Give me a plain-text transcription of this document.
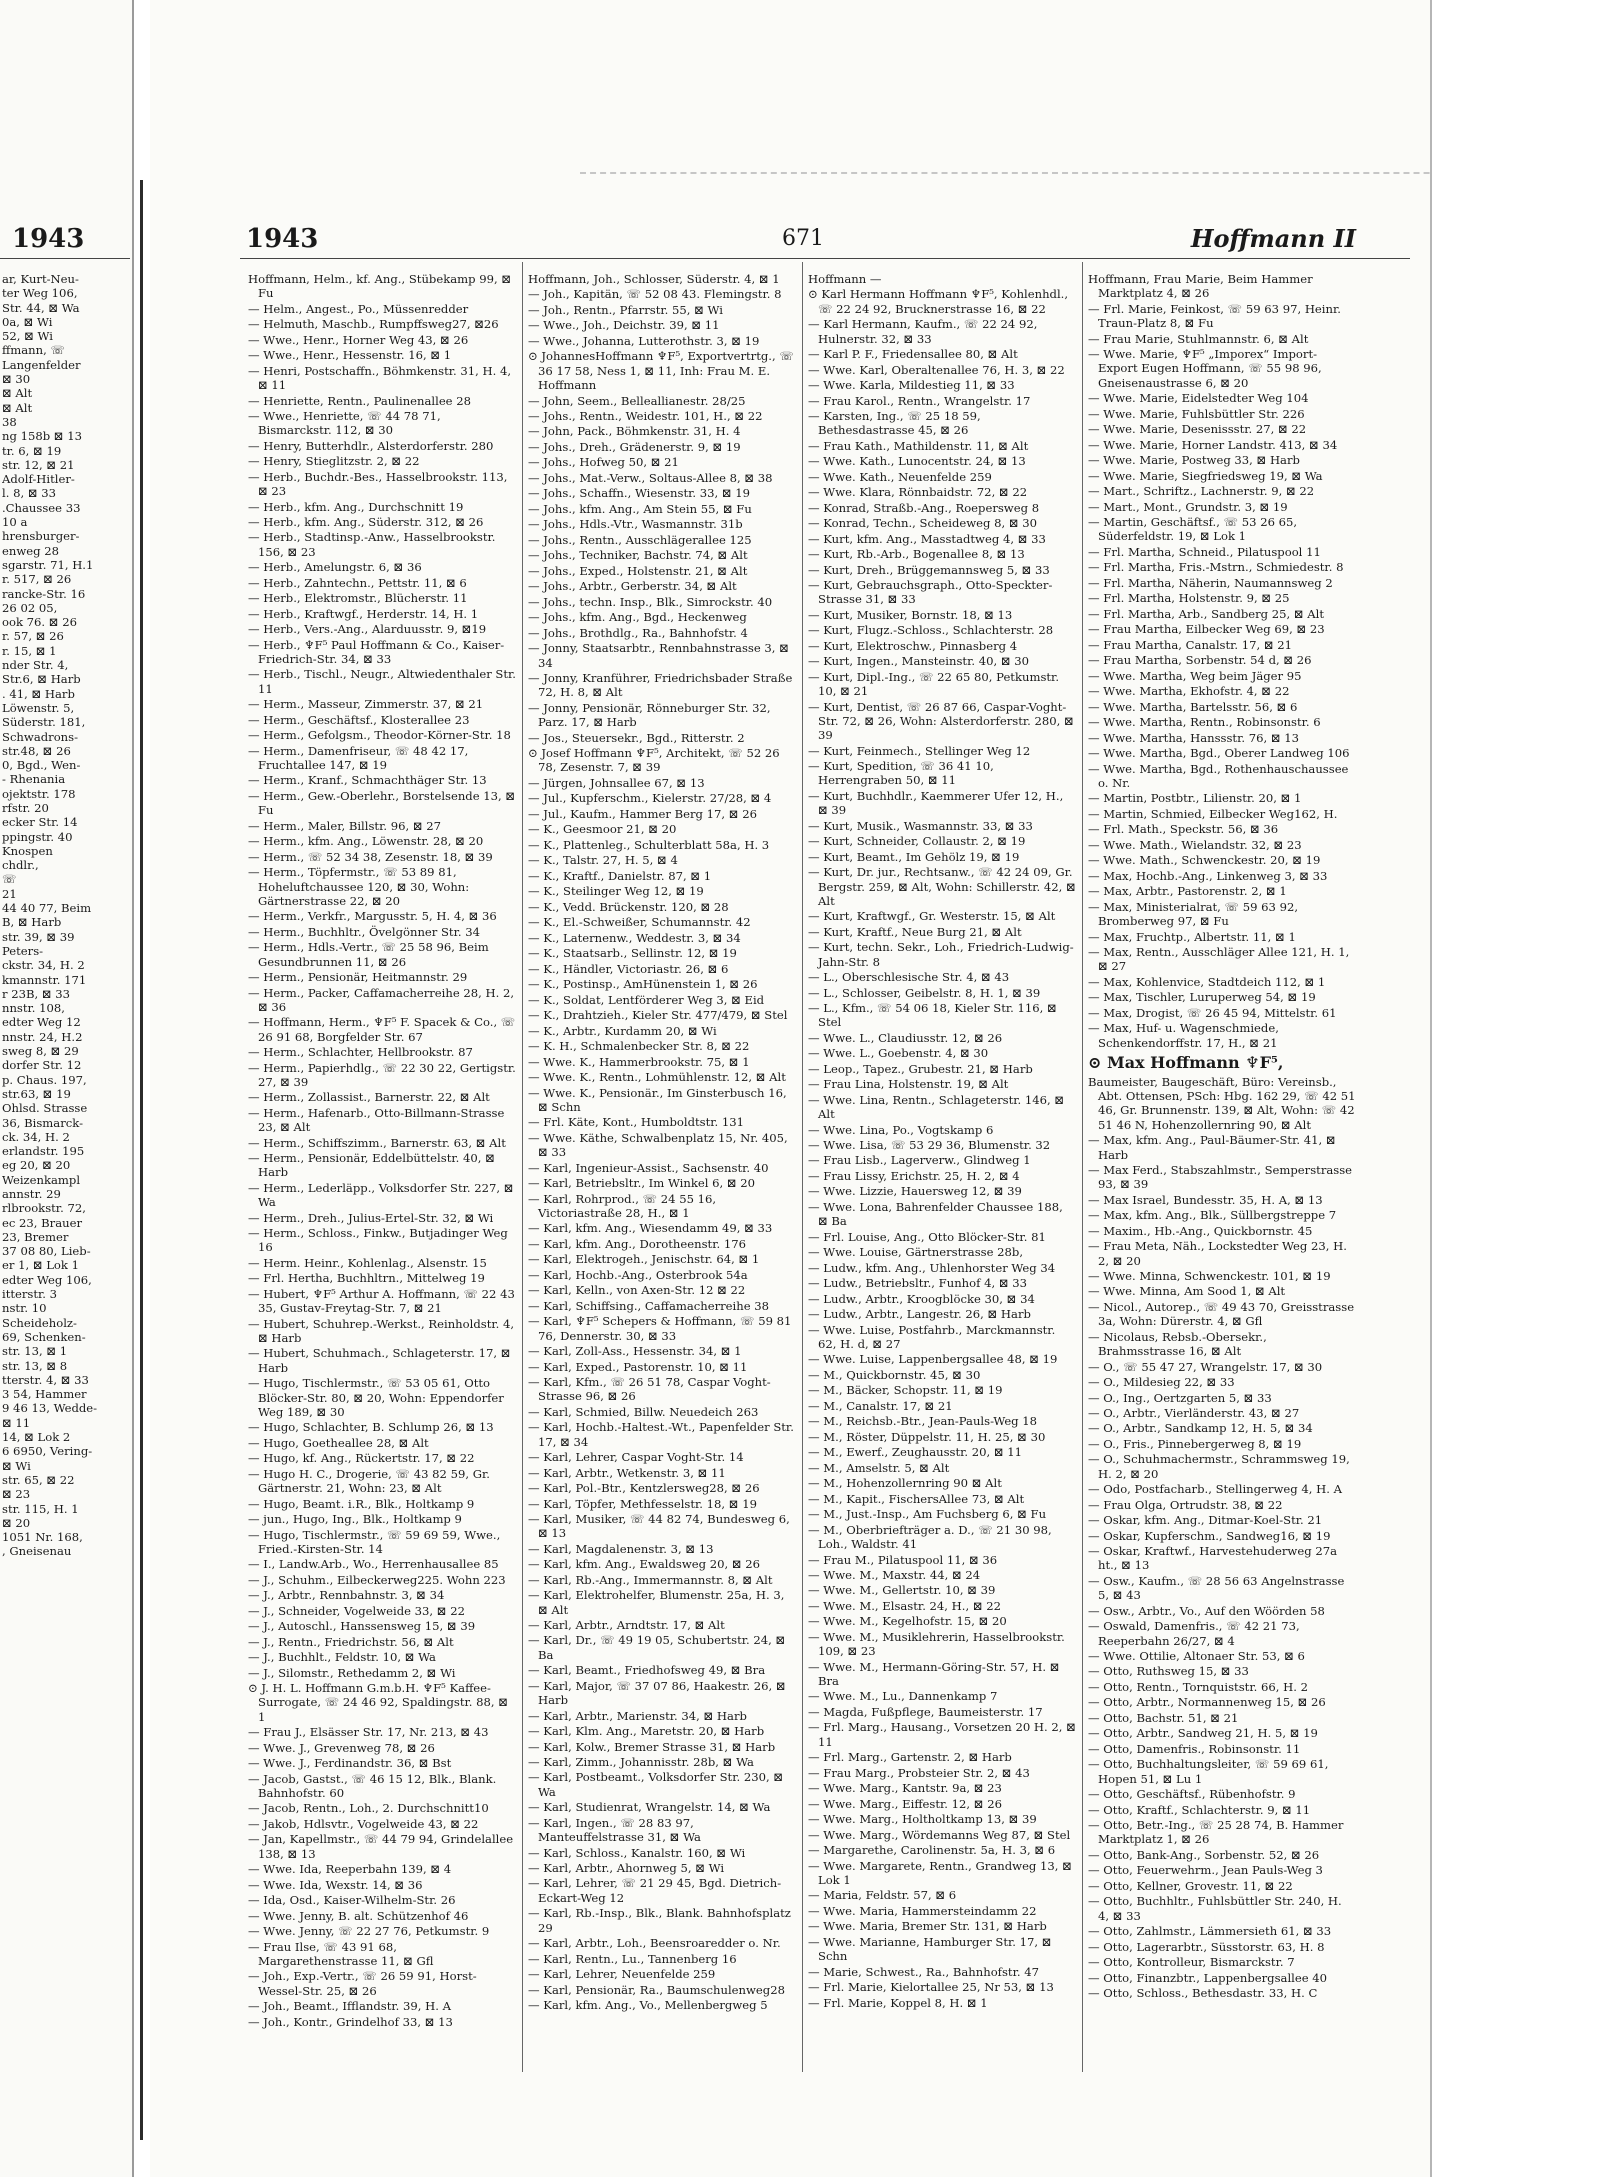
1943
ar, Kurt-Neu-
ter Weg 106,
Str. 44, ⊠ Wa
0a, ⊠ Wi
52, ⊠ Wi
ffmann, ☏
Langenfelder
⊠ 30
⊠ Alt
⊠ Alt
38
ng 158b ⊠ 13
tr. 6, ⊠ 19
str. 12, ⊠ 21
Adolf-Hitler-
l. 8, ⊠ 33
.Chaussee 33
10 a
hrensburger-
enweg 28
sgarstr. 71, H.1
r. 517, ⊠ 26
rancke-Str. 16
26 02 05,
ook 76. ⊠ 26
r. 57, ⊠ 26
r. 15, ⊠ 1
nder Str. 4,
Str.6, ⊠ Harb
. 41, ⊠ Harb
Löwenstr. 5,
Süderstr. 181,
Schwadrons-
str.48, ⊠ 26
0, Bgd., Wen-
- Rhenania
ojektstr. 178
rfstr. 20
ecker Str. 14
ppingstr. 40
Knospen
chdlr.,
☏
21
44 40 77, Beim
B, ⊠ Harb
str. 39, ⊠ 39
Peters-
ckstr. 34, H. 2
kmannstr. 171
r 23B, ⊠ 33
nnstr. 108,
edter Weg 12
nnstr. 24, H.2
sweg 8, ⊠ 29
dorfer Str. 12
p. Chaus. 197,
str.63, ⊠ 19
Ohlsd. Strasse
36, Bismarck-
ck. 34, H. 2
erlandstr. 195
eg 20, ⊠ 20
Weizenkampl
annstr. 29
rlbrookstr. 72,
ec 23, Brauer
23, Bremer
37 08 80, Lieb-
er 1, ⊠ Lok 1
edter Weg 106,
itterstr. 3
nstr. 10
Scheideholz-
69, Schenken-
str. 13, ⊠ 1
str. 13, ⊠ 8
tterstr. 4, ⊠ 33
3 54, Hammer
9 46 13, Wedde-
⊠ 11
14, ⊠ Lok 2
6 6950, Vering-
⊠ Wi
str. 65, ⊠ 22
⊠ 23
str. 115, H. 1
⊠ 20
1051 Nr. 168,
, Gneisenau
1943	671	Hoffmann II
Hoffmann, Helm., kf. Ang., Stübekamp 99, ⊠ Fu
— Helm., Angest., Po., Müssenredder
— Helmuth, Maschb., Rumpffsweg27, ⊠26
— Wwe., Henr., Horner Weg 43, ⊠ 26
— Wwe., Henr., Hessenstr. 16, ⊠ 1
— Henri, Postschaffn., Böhmkenstr. 31, H. 4, ⊠ 11
— Henriette, Rentn., Paulinenallee 28
— Wwe., Henriette, ☏ 44 78 71, Bismarckstr. 112, ⊠ 30
— Henry, Butterhdlr., Alsterdorferstr. 280
— Henry, Stieglitzstr. 2, ⊠ 22
— Herb., Buchdr.-Bes., Hasselbrookstr. 113, ⊠ 23
— Herb., kfm. Ang., Durchschnitt 19
— Herb., kfm. Ang., Süderstr. 312, ⊠ 26
— Herb., Stadtinsp.-Anw., Hasselbrookstr. 156, ⊠ 23
— Herb., Amelungstr. 6, ⊠ 36
— Herb., Zahntechn., Pettstr. 11, ⊠ 6
— Herb., Elektromstr., Blücherstr. 11
— Herb., Kraftwgf., Herderstr. 14, H. 1
— Herb., Vers.-Ang., Alarduusstr. 9, ⊠19
— Herb., ♆F⁵ Paul Hoffmann & Co., Kaiser-Friedrich-Str. 34, ⊠ 33
— Herb., Tischl., Neugr., Altwiedenthaler Str. 11
— Herm., Masseur, Zimmerstr. 37, ⊠ 21
— Herm., Geschäftsf., Klosterallee 23
— Herm., Gefolgsm., Theodor-Körner-Str. 18
— Herm., Damenfriseur, ☏ 48 42 17, Fruchtallee 147, ⊠ 19
— Herm., Kranf., Schmachthäger Str. 13
— Herm., Gew.-Oberlehr., Borstelsende 13, ⊠ Fu
— Herm., Maler, Billstr. 96, ⊠ 27
— Herm., kfm. Ang., Löwenstr. 28, ⊠ 20
— Herm., ☏ 52 34 38, Zesenstr. 18, ⊠ 39
— Herm., Töpfermstr., ☏ 53 89 81, Hoheluftchaussee 120, ⊠ 30, Wohn: Gärtnerstrasse 22, ⊠ 20
— Herm., Verkfr., Margusstr. 5, H. 4, ⊠ 36
— Herm., Buchhltr., Övelgönner Str. 34
— Herm., Hdls.-Vertr., ☏ 25 58 96, Beim Gesundbrunnen 11, ⊠ 26
— Herm., Pensionär, Heitmannstr. 29
— Herm., Packer, Caffamacherreihe 28, H. 2, ⊠ 36
— Hoffmann, Herm., ♆F⁵ F. Spacek & Co., ☏ 26 91 68, Borgfelder Str. 67
— Herm., Schlachter, Hellbrookstr. 87
— Herm., Papierhdlg., ☏ 22 30 22, Gertigstr. 27, ⊠ 39
— Herm., Zollassist., Barnerstr. 22, ⊠ Alt
— Herm., Hafenarb., Otto-Billmann-Strasse 23, ⊠ Alt
— Herm., Schiffszimm., Barnerstr. 63, ⊠ Alt
— Herm., Pensionär, Eddelbüttelstr. 40, ⊠ Harb
— Herm., Lederläpp., Volksdorfer Str. 227, ⊠ Wa
— Herm., Dreh., Julius-Ertel-Str. 32, ⊠ Wi
— Herm., Schloss., Finkw., Butjadinger Weg 16
— Herm. Heinr., Kohlenlag., Alsenstr. 15
— Frl. Hertha, Buchhltrn., Mittelweg 19
— Hubert, ♆F⁵ Arthur A. Hoffmann, ☏ 22 43 35, Gustav-Freytag-Str. 7, ⊠ 21
— Hubert, Schuhrep.-Werkst., Reinholdstr. 4, ⊠ Harb
— Hubert, Schuhmach., Schlageterstr. 17, ⊠ Harb
— Hugo, Tischlermstr., ☏ 53 05 61, Otto Blöcker-Str. 80, ⊠ 20, Wohn: Eppendorfer Weg 189, ⊠ 30
— Hugo, Schlachter, B. Schlump 26, ⊠ 13
— Hugo, Goetheallee 28, ⊠ Alt
— Hugo, kf. Ang., Rückertstr. 17, ⊠ 22
— Hugo H. C., Drogerie, ☏ 43 82 59, Gr. Gärtnerstr. 21, Wohn: 23, ⊠ Alt
— Hugo, Beamt. i.R., Blk., Holtkamp 9
— jun., Hugo, Ing., Blk., Holtkamp 9
— Hugo, Tischlermstr., ☏ 59 69 59, Wwe., Fried.-Kirsten-Str. 14
— I., Landw.Arb., Wo., Herrenhausallee 85
— J., Schuhm., Eilbeckerweg225. Wohn 223
— J., Arbtr., Rennbahnstr. 3, ⊠ 34
— J., Schneider, Vogelweide 33, ⊠ 22
— J., Autoschl., Hanssensweg 15, ⊠ 39
— J., Rentn., Friedrichstr. 56, ⊠ Alt
— J., Buchhlt., Feldstr. 10, ⊠ Wa
— J., Silomstr., Rethedamm 2, ⊠ Wi
⊙ J. H. L. Hoffmann G.m.b.H. ♆F⁵ Kaffee-Surrogate, ☏ 24 46 92, Spaldingstr. 88, ⊠ 1
— Frau J., Elsässer Str. 17, Nr. 213, ⊠ 43
— Wwe. J., Grevenweg 78, ⊠ 26
— Wwe. J., Ferdinandstr. 36, ⊠ Bst
— Jacob, Gastst., ☏ 46 15 12, Blk., Blank. Bahnhofstr. 60
— Jacob, Rentn., Loh., 2. Durchschnitt10
— Jakob, Hdlsvtr., Vogelweide 43, ⊠ 22
— Jan, Kapellmstr., ☏ 44 79 94, Grindelallee 138, ⊠ 13
— Wwe. Ida, Reeperbahn 139, ⊠ 4
— Wwe. Ida, Wexstr. 14, ⊠ 36
— Ida, Osd., Kaiser-Wilhelm-Str. 26
— Wwe. Jenny, B. alt. Schützenhof 46
— Wwe. Jenny, ☏ 22 27 76, Petkumstr. 9
— Frau Ilse, ☏ 43 91 68, Margarethenstrasse 11, ⊠ Gfl
— Joh., Exp.-Vertr., ☏ 26 59 91, Horst-Wessel-Str. 25, ⊠ 26
— Joh., Beamt., Ifflandstr. 39, H. A
— Joh., Kontr., Grindelhof 33, ⊠ 13
Hoffmann, Joh., Schlosser, Süderstr. 4, ⊠ 1
— Joh., Kapitän, ☏ 52 08 43. Flemingstr. 8
— Joh., Rentn., Pfarrstr. 55, ⊠ Wi
— Wwe., Joh., Deichstr. 39, ⊠ 11
— Wwe., Johanna, Lutterothstr. 3, ⊠ 19
⊙ JohannesHoffmann ♆F⁵, Exportvertrtg., ☏ 36 17 58, Ness 1, ⊠ 11, Inh: Frau M. E. Hoffmann
— John, Seem., Belleallianestr. 28/25
— Johs., Rentn., Weidestr. 101, H., ⊠ 22
— John, Pack., Böhmkenstr. 31, H. 4
— Johs., Dreh., Grädenerstr. 9, ⊠ 19
— Johs., Hofweg 50, ⊠ 21
— Johs., Mat.-Verw., Soltaus-Allee 8, ⊠ 38
— Johs., Schaffn., Wiesenstr. 33, ⊠ 19
— Johs., kfm. Ang., Am Stein 55, ⊠ Fu
— Johs., Hdls.-Vtr., Wasmannstr. 31b
— Johs., Rentn., Ausschlägerallee 125
— Johs., Techniker, Bachstr. 74, ⊠ Alt
— Johs., Exped., Holstenstr. 21, ⊠ Alt
— Johs., Arbtr., Gerberstr. 34, ⊠ Alt
— Johs., techn. Insp., Blk., Simrockstr. 40
— Johs., kfm. Ang., Bgd., Heckenweg
— Johs., Brothdlg., Ra., Bahnhofstr. 4
— Jonny, Staatsarbtr., Rennbahnstrasse 3, ⊠ 34
— Jonny, Kranführer, Friedrichsbader Straße 72, H. 8, ⊠ Alt
— Jonny, Pensionär, Rönneburger Str. 32, Parz. 17, ⊠ Harb
— Jos., Steuersekr., Bgd., Ritterstr. 2
⊙ Josef Hoffmann ♆F⁵, Architekt, ☏ 52 26 78, Zesenstr. 7, ⊠ 39
— Jürgen, Johnsallee 67, ⊠ 13
— Jul., Kupferschm., Kielerstr. 27/28, ⊠ 4
— Jul., Kaufm., Hammer Berg 17, ⊠ 26
— K., Geesmoor 21, ⊠ 20
— K., Plattenleg., Schulterblatt 58a, H. 3
— K., Talstr. 27, H. 5, ⊠ 4
— K., Kraftf., Danielstr. 87, ⊠ 1
— K., Steilinger Weg 12, ⊠ 19
— K., Vedd. Brückenstr. 120, ⊠ 28
— K., El.-Schweißer, Schumannstr. 42
— K., Laternenw., Weddestr. 3, ⊠ 34
— K., Staatsarb., Sellinstr. 12, ⊠ 19
— K., Händler, Victoriastr. 26, ⊠ 6
— K., Postinsp., AmHünenstein 1, ⊠ 26
— K., Soldat, Lentförderer Weg 3, ⊠ Eid
— K., Drahtzieh., Kieler Str. 477/479, ⊠ Stel
— K., Arbtr., Kurdamm 20, ⊠ Wi
— K. H., Schmalenbecker Str. 8, ⊠ 22
— Wwe. K., Hammerbrookstr. 75, ⊠ 1
— Wwe. K., Rentn., Lohmühlenstr. 12, ⊠ Alt
— Wwe. K., Pensionär., Im Ginsterbusch 16, ⊠ Schn
— Frl. Käte, Kont., Humboldtstr. 131
— Wwe. Käthe, Schwalbenplatz 15, Nr. 405, ⊠ 33
— Karl, Ingenieur-Assist., Sachsenstr. 40
— Karl, Betriebsltr., Im Winkel 6, ⊠ 20
— Karl, Rohrprod., ☏ 24 55 16, Victoriastraße 28, H., ⊠ 1
— Karl, kfm. Ang., Wiesendamm 49, ⊠ 33
— Karl, kfm. Ang., Dorotheenstr. 176
— Karl, Elektrogeh., Jenischstr. 64, ⊠ 1
— Karl, Hochb.-Ang., Osterbrook 54a
— Karl, Kelln., von Axen-Str. 12 ⊠ 22
— Karl, Schiffsing., Caffamacherreihe 38
— Karl, ♆F⁵ Schepers & Hoffmann, ☏ 59 81 76, Dennerstr. 30, ⊠ 33
— Karl, Zoll-Ass., Hessenstr. 34, ⊠ 1
— Karl, Exped., Pastorenstr. 10, ⊠ 11
— Karl, Kfm., ☏ 26 51 78, Caspar Voght-Strasse 96, ⊠ 26
— Karl, Schmied, Billw. Neuedeich 263
— Karl, Hochb.-Haltest.-Wt., Papenfelder Str. 17, ⊠ 34
— Karl, Lehrer, Caspar Voght-Str. 14
— Karl, Arbtr., Wetkenstr. 3, ⊠ 11
— Karl, Pol.-Btr., Kentzlersweg28, ⊠ 26
— Karl, Töpfer, Methfesselstr. 18, ⊠ 19
— Karl, Musiker, ☏ 44 82 74, Bundesweg 6, ⊠ 13
— Karl, Magdalenenstr. 3, ⊠ 13
— Karl, kfm. Ang., Ewaldsweg 20, ⊠ 26
— Karl, Rb.-Ang., Immermannstr. 8, ⊠ Alt
— Karl, Elektrohelfer, Blumenstr. 25a, H. 3, ⊠ Alt
— Karl, Arbtr., Arndtstr. 17, ⊠ Alt
— Karl, Dr., ☏ 49 19 05, Schubertstr. 24, ⊠ Ba
— Karl, Beamt., Friedhofsweg 49, ⊠ Bra
— Karl, Major, ☏ 37 07 86, Haakestr. 26, ⊠ Harb
— Karl, Arbtr., Marienstr. 34, ⊠ Harb
— Karl, Klm. Ang., Maretstr. 20, ⊠ Harb
— Karl, Kolw., Bremer Strasse 31, ⊠ Harb
— Karl, Zimm., Johannisstr. 28b, ⊠ Wa
— Karl, Postbeamt., Volksdorfer Str. 230, ⊠ Wa
— Karl, Studienrat, Wrangelstr. 14, ⊠ Wa
— Karl, Ingen., ☏ 28 83 97, Manteuffelstrasse 31, ⊠ Wa
— Karl, Schloss., Kanalstr. 160, ⊠ Wi
— Karl, Arbtr., Ahornweg 5, ⊠ Wi
— Karl, Lehrer, ☏ 21 29 45, Bgd. Dietrich-Eckart-Weg 12
— Karl, Rb.-Insp., Blk., Blank. Bahnhofsplatz 29
— Karl, Arbtr., Loh., Beensroaredder o. Nr.
— Karl, Rentn., Lu., Tannenberg 16
— Karl, Lehrer, Neuenfelde 259
— Karl, Pensionär, Ra., Baumschulenweg28
— Karl, kfm. Ang., Vo., Mellenbergweg 5
Hoffmann —
⊙ Karl Hermann Hoffmann ♆F⁵, Kohlenhdl., ☏ 22 24 92, Brucknerstrasse 16, ⊠ 22
— Karl Hermann, Kaufm., ☏ 22 24 92, Hulnerstr. 32, ⊠ 33
— Karl P. F., Friedensallee 80, ⊠ Alt
— Wwe. Karl, Oberaltenallee 76, H. 3, ⊠ 22
— Wwe. Karla, Mildestieg 11, ⊠ 33
— Frau Karol., Rentn., Wrangelstr. 17
— Karsten, Ing., ☏ 25 18 59, Bethesdastrasse 45, ⊠ 26
— Frau Kath., Mathildenstr. 11, ⊠ Alt
— Wwe. Kath., Lunocentstr. 24, ⊠ 13
— Wwe. Kath., Neuenfelde 259
— Wwe. Klara, Rönnbaidstr. 72, ⊠ 22
— Konrad, Straßb.-Ang., Roepersweg 8
— Konrad, Techn., Scheideweg 8, ⊠ 30
— Kurt, kfm. Ang., Masstadtweg 4, ⊠ 33
— Kurt, Rb.-Arb., Bogenallee 8, ⊠ 13
— Kurt, Dreh., Brüggemannsweg 5, ⊠ 33
— Kurt, Gebrauchsgraph., Otto-Speckter-Strasse 31, ⊠ 33
— Kurt, Musiker, Bornstr. 18, ⊠ 13
— Kurt, Flugz.-Schloss., Schlachterstr. 28
— Kurt, Elektroschw., Pinnasberg 4
— Kurt, Ingen., Mansteinstr. 40, ⊠ 30
— Kurt, Dipl.-Ing., ☏ 22 65 80, Petkumstr. 10, ⊠ 21
— Kurt, Dentist, ☏ 26 87 66, Caspar-Voght-Str. 72, ⊠ 26, Wohn: Alsterdorferstr. 280, ⊠ 39
— Kurt, Feinmech., Stellinger Weg 12
— Kurt, Spedition, ☏ 36 41 10, Herrengraben 50, ⊠ 11
— Kurt, Buchhdlr., Kaemmerer Ufer 12, H., ⊠ 39
— Kurt, Musik., Wasmannstr. 33, ⊠ 33
— Kurt, Schneider, Collaustr. 2, ⊠ 19
— Kurt, Beamt., Im Gehölz 19, ⊠ 19
— Kurt, Dr. jur., Rechtsanw., ☏ 42 24 09, Gr. Bergstr. 259, ⊠ Alt, Wohn: Schillerstr. 42, ⊠ Alt
— Kurt, Kraftwgf., Gr. Westerstr. 15, ⊠ Alt
— Kurt, Kraftf., Neue Burg 21, ⊠ Alt
— Kurt, techn. Sekr., Loh., Friedrich-Ludwig-Jahn-Str. 8
— L., Oberschlesische Str. 4, ⊠ 43
— L., Schlosser, Geibelstr. 8, H. 1, ⊠ 39
— L., Kfm., ☏ 54 06 18, Kieler Str. 116, ⊠ Stel
— Wwe. L., Claudiusstr. 12, ⊠ 26
— Wwe. L., Goebenstr. 4, ⊠ 30
— Leop., Tapez., Grubestr. 21, ⊠ Harb
— Frau Lina, Holstenstr. 19, ⊠ Alt
— Wwe. Lina, Rentn., Schlageterstr. 146, ⊠ Alt
— Wwe. Lina, Po., Vogtskamp 6
— Wwe. Lisa, ☏ 53 29 36, Blumenstr. 32
— Frau Lisb., Lagerverw., Glindweg 1
— Frau Lissy, Erichstr. 25, H. 2, ⊠ 4
— Wwe. Lizzie, Hauersweg 12, ⊠ 39
— Wwe. Lona, Bahrenfelder Chaussee 188, ⊠ Ba
— Frl. Louise, Ang., Otto Blöcker-Str. 81
— Wwe. Louise, Gärtnerstrasse 28b,
— Ludw., kfm. Ang., Uhlenhorster Weg 34
— Ludw., Betriebsltr., Funhof 4, ⊠ 33
— Ludw., Arbtr., Kroogblöcke 30, ⊠ 34
— Ludw., Arbtr., Langestr. 26, ⊠ Harb
— Wwe. Luise, Postfahrb., Marckmannstr. 62, H. d, ⊠ 27
— Wwe. Luise, Lappenbergsallee 48, ⊠ 19
— M., Quickbornstr. 45, ⊠ 30
— M., Bäcker, Schopstr. 11, ⊠ 19
— M., Canalstr. 17, ⊠ 21
— M., Reichsb.-Btr., Jean-Pauls-Weg 18
— M., Röster, Düppelstr. 11, H. 25, ⊠ 30
— M., Ewerf., Zeughausstr. 20, ⊠ 11
— M., Amselstr. 5, ⊠ Alt
— M., Hohenzollernring 90 ⊠ Alt
— M., Kapit., FischersAllee 73, ⊠ Alt
— M., Just.-Insp., Am Fuchsberg 6, ⊠ Fu
— M., Oberbriefträger a. D., ☏ 21 30 98, Loh., Waldstr. 41
— Frau M., Pilatuspool 11, ⊠ 36
— Wwe. M., Maxstr. 44, ⊠ 24
— Wwe. M., Gellertstr. 10, ⊠ 39
— Wwe. M., Elsastr. 24, H., ⊠ 22
— Wwe. M., Kegelhofstr. 15, ⊠ 20
— Wwe. M., Musiklehrerin, Hasselbrookstr. 109, ⊠ 23
— Wwe. M., Hermann-Göring-Str. 57, H. ⊠ Bra
— Wwe. M., Lu., Dannenkamp 7
— Magda, Fußpflege, Baumeisterstr. 17
— Frl. Marg., Hausang., Vorsetzen 20 H. 2, ⊠ 11
— Frl. Marg., Gartenstr. 2, ⊠ Harb
— Frau Marg., Probsteier Str. 2, ⊠ 43
— Wwe. Marg., Kantstr. 9a, ⊠ 23
— Wwe. Marg., Eiffestr. 12, ⊠ 26
— Wwe. Marg., Holtholtkamp 13, ⊠ 39
— Wwe. Marg., Wördemanns Weg 87, ⊠ Stel
— Margarethe, Carolinenstr. 5a, H. 3, ⊠ 6
— Wwe. Margarete, Rentn., Grandweg 13, ⊠ Lok 1
— Maria, Feldstr. 57, ⊠ 6
— Wwe. Maria, Hammersteindamm 22
— Wwe. Maria, Bremer Str. 131, ⊠ Harb
— Wwe. Marianne, Hamburger Str. 17, ⊠ Schn
— Marie, Schwest., Ra., Bahnhofstr. 47
— Frl. Marie, Kielortallee 25, Nr 53, ⊠ 13
— Frl. Marie, Koppel 8, H. ⊠ 1
Hoffmann, Frau Marie, Beim Hammer Marktplatz 4, ⊠ 26
— Frl. Marie, Feinkost, ☏ 59 63 97, Heinr. Traun-Platz 8, ⊠ Fu
— Frau Marie, Stuhlmannstr. 6, ⊠ Alt
— Wwe. Marie, ♆F⁵ „Imporex“ Import-Export Eugen Hoffmann, ☏ 55 98 96, Gneisenaustrasse 6, ⊠ 20
— Wwe. Marie, Eidelstedter Weg 104
— Wwe. Marie, Fuhlsbüttler Str. 226
— Wwe. Marie, Desenissstr. 27, ⊠ 22
— Wwe. Marie, Horner Landstr. 413, ⊠ 34
— Wwe. Marie, Postweg 33, ⊠ Harb
— Wwe. Marie, Siegfriedsweg 19, ⊠ Wa
— Mart., Schriftz., Lachnerstr. 9, ⊠ 22
— Mart., Mont., Grundstr. 3, ⊠ 19
— Martin, Geschäftsf., ☏ 53 26 65, Süderfeldstr. 19, ⊠ Lok 1
— Frl. Martha, Schneid., Pilatuspool 11
— Frl. Martha, Fris.-Mstrn., Schmiedestr. 8
— Frl. Martha, Näherin, Naumannsweg 2
— Frl. Martha, Holstenstr. 9, ⊠ 25
— Frl. Martha, Arb., Sandberg 25, ⊠ Alt
— Frau Martha, Eilbecker Weg 69, ⊠ 23
— Frau Martha, Canalstr. 17, ⊠ 21
— Frau Martha, Sorbenstr. 54 d, ⊠ 26
— Wwe. Martha, Weg beim Jäger 95
— Wwe. Martha, Ekhofstr. 4, ⊠ 22
— Wwe. Martha, Bartelsstr. 56, ⊠ 6
— Wwe. Martha, Rentn., Robinsonstr. 6
— Wwe. Martha, Hanssstr. 76, ⊠ 13
— Wwe. Martha, Bgd., Oberer Landweg 106
— Wwe. Martha, Bgd., Rothenhauschaussee o. Nr.
— Martin, Postbtr., Lilienstr. 20, ⊠ 1
— Martin, Schmied, Eilbecker Weg162, H.
— Frl. Math., Speckstr. 56, ⊠ 36
— Wwe. Math., Wielandstr. 32, ⊠ 23
— Wwe. Math., Schwenckestr. 20, ⊠ 19
— Max, Hochb.-Ang., Linkenweg 3, ⊠ 33
— Max, Arbtr., Pastorenstr. 2, ⊠ 1
— Max, Ministerialrat, ☏ 59 63 92, Bromberweg 97, ⊠ Fu
— Max, Fruchtp., Albertstr. 11, ⊠ 1
— Max, Rentn., Ausschläger Allee 121, H. 1, ⊠ 27
— Max, Kohlenvice, Stadtdeich 112, ⊠ 1
— Max, Tischler, Luruperweg 54, ⊠ 19
— Max, Drogist, ☏ 26 45 94, Mittelstr. 61
— Max, Huf- u. Wagenschmiede, Schenkendorffstr. 17, H., ⊠ 21
⊙ Max Hoffmann ♆F⁵,
Baumeister, Baugeschäft, Büro: Vereinsb., Abt. Ottensen, PSch: Hbg. 162 29, ☏ 42 51 46, Gr. Brunnenstr. 139, ⊠ Alt, Wohn: ☏ 42 51 46 N, Hohenzollernring 90, ⊠ Alt
— Max, kfm. Ang., Paul-Bäumer-Str. 41, ⊠ Harb
— Max Ferd., Stabszahlmstr., Semperstrasse 93, ⊠ 39
— Max Israel, Bundesstr. 35, H. A, ⊠ 13
— Max, kfm. Ang., Blk., Süllbergstreppe 7
— Maxim., Hb.-Ang., Quickbornstr. 45
— Frau Meta, Näh., Lockstedter Weg 23, H. 2, ⊠ 20
— Wwe. Minna, Schwenckestr. 101, ⊠ 19
— Wwe. Minna, Am Sood 1, ⊠ Alt
— Nicol., Autorep., ☏ 49 43 70, Greisstrasse 3a, Wohn: Dürerstr. 4, ⊠ Gfl
— Nicolaus, Rebsb.-Obersekr., Brahmsstrasse 16, ⊠ Alt
— O., ☏ 55 47 27, Wrangelstr. 17, ⊠ 30
— O., Mildesieg 22, ⊠ 33
— O., Ing., Oertzgarten 5, ⊠ 33
— O., Arbtr., Vierländerstr. 43, ⊠ 27
— O., Arbtr., Sandkamp 12, H. 5, ⊠ 34
— O., Fris., Pinnebergerweg 8, ⊠ 19
— O., Schuhmachermstr., Schrammsweg 19, H. 2, ⊠ 20
— Odo, Postfacharb., Stellingerweg 4, H. A
— Frau Olga, Ortrudstr. 38, ⊠ 22
— Oskar, kfm. Ang., Ditmar-Koel-Str. 21
— Oskar, Kupferschm., Sandweg16, ⊠ 19
— Oskar, Kraftwf., Harvestehuderweg 27a ht., ⊠ 13
— Osw., Kaufm., ☏ 28 56 63 Angelnstrasse 5, ⊠ 43
— Osw., Arbtr., Vo., Auf den Wöörden 58
— Oswald, Damenfris., ☏ 42 21 73, Reeperbahn 26/27, ⊠ 4
— Wwe. Ottilie, Altonaer Str. 53, ⊠ 6
— Otto, Ruthsweg 15, ⊠ 33
— Otto, Rentn., Tornquiststr. 66, H. 2
— Otto, Arbtr., Normannenweg 15, ⊠ 26
— Otto, Bachstr. 51, ⊠ 21
— Otto, Arbtr., Sandweg 21, H. 5, ⊠ 19
— Otto, Damenfris., Robinsonstr. 11
— Otto, Buchhaltungsleiter, ☏ 59 69 61, Hopen 51, ⊠ Lu 1
— Otto, Geschäftsf., Rübenhofstr. 9
— Otto, Kraftf., Schlachterstr. 9, ⊠ 11
— Otto, Betr.-Ing., ☏ 25 28 74, B. Hammer Marktplatz 1, ⊠ 26
— Otto, Bank-Ang., Sorbenstr. 52, ⊠ 26
— Otto, Feuerwehrm., Jean Pauls-Weg 3
— Otto, Kellner, Grovestr. 11, ⊠ 22
— Otto, Buchhltr., Fuhlsbüttler Str. 240, H. 4, ⊠ 33
— Otto, Zahlmstr., Lämmersieth 61, ⊠ 33
— Otto, Lagerarbtr., Süsstorstr. 63, H. 8
— Otto, Kontrolleur, Bismarckstr. 7
— Otto, Finanzbtr., Lappenbergsallee 40
— Otto, Schloss., Bethesdastr. 33, H. C
